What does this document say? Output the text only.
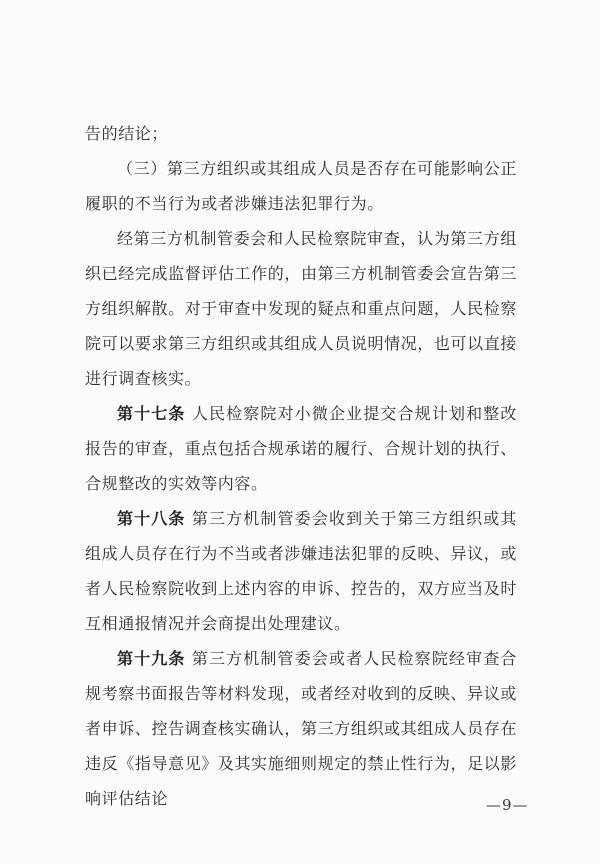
告的结论；

（三）第三方组织或其组成人员是否存在可能影响公正履职的不当行为或者涉嫌违法犯罪行为。

经第三方机制管委会和人民检察院审查，认为第三方组织已经完成监督评估工作的，由第三方机制管委会宣告第三方组织解散。对于审查中发现的疑点和重点问题，人民检察院可以要求第三方组织或其组成人员说明情况，也可以直接进行调查核实。

第十七条 人民检察院对小微企业提交合规计划和整改报告的审查，重点包括合规承诺的履行、合规计划的执行、合规整改的实效等内容。

第十八条 第三方机制管委会收到关于第三方组织或其组成人员存在行为不当或者涉嫌违法犯罪的反映、异议，或者人民检察院收到上述内容的申诉、控告的，双方应当及时互相通报情况并会商提出处理建议。

第十九条 第三方机制管委会或者人民检察院经审查合规考察书面报告等材料发现，或者经对收到的反映、异议或者申诉、控告调查核实确认，第三方组织或其组成人员存在违反《指导意见》及其实施细则规定的禁止性行为，足以影响评估结论	—9—
